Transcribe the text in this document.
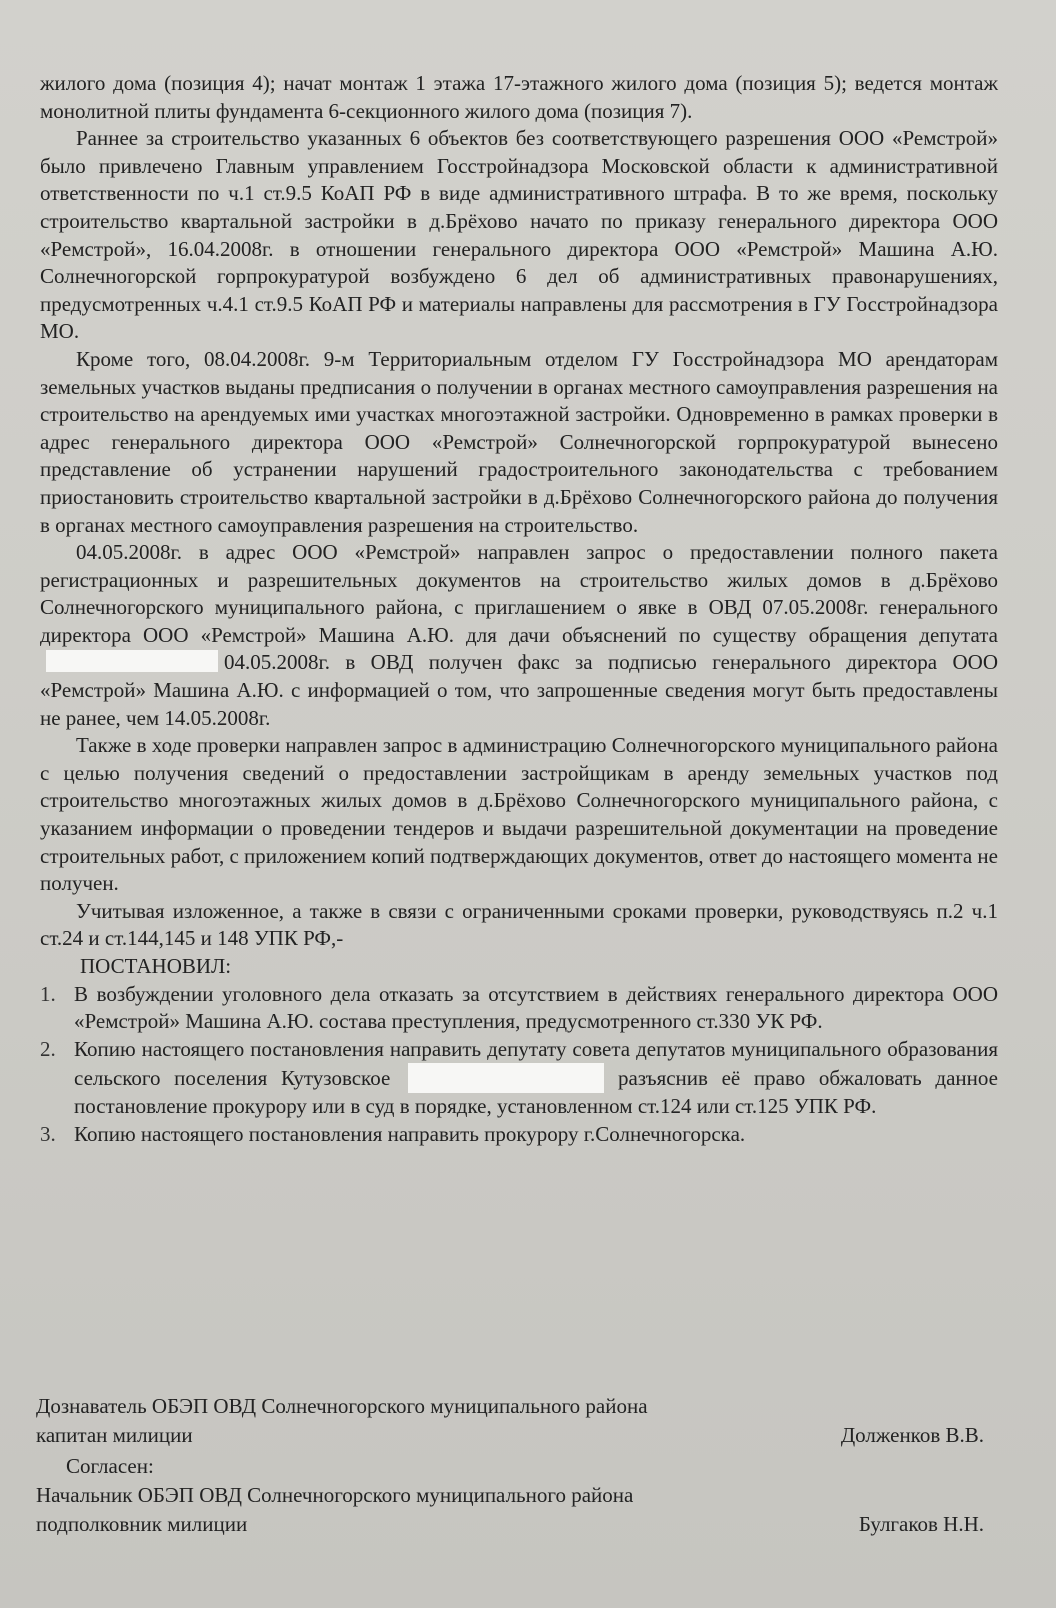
жилого дома (позиция 4); начат монтаж 1 этажа 17-этажного жилого дома (позиция 5); ведется монтаж монолитной плиты фундамента 6-секционного жилого дома (позиция 7).

Раннее за строительство указанных 6 объектов без соответствующего разрешения ООО «Ремстрой» было привлечено Главным управлением Госстройнадзора Московской области к административной ответственности по ч.1 ст.9.5 КоАП РФ в виде административного штрафа. В то же время, поскольку строительство квартальной застройки в д.Брёхово начато по приказу генерального директора ООО «Ремстрой», 16.04.2008г. в отношении генерального директора ООО «Ремстрой» Машина А.Ю. Солнечногорской горпрокуратурой возбуждено 6 дел об административных правонарушениях, предусмотренных ч.4.1 ст.9.5 КоАП РФ и материалы направлены для рассмотрения в ГУ Госстройнадзора МО.

Кроме того, 08.04.2008г. 9-м Территориальным отделом ГУ Госстройнадзора МО арендаторам земельных участков выданы предписания о получении в органах местного самоуправления разрешения на строительство на арендуемых ими участках многоэтажной застройки. Одновременно в рамках проверки в адрес генерального директора ООО «Ремстрой» Солнечногорской горпрокуратурой вынесено представление об устранении нарушений градостроительного законодательства с требованием приостановить строительство квартальной застройки в д.Брёхово Солнечногорского района до получения в органах местного самоуправления разрешения на строительство.

04.05.2008г. в адрес ООО «Ремстрой» направлен запрос о предоставлении полного пакета регистрационных и разрешительных документов на строительство жилых домов в д.Брёхово Солнечногорского муниципального района, с приглашением о явке в ОВД 07.05.2008г. генерального директора ООО «Ремстрой» Машина А.Ю. для дачи объяснений по существу обращения депутата04.05.2008г. в ОВД получен факс за подписью генерального директора ООО «Ремстрой» Машина А.Ю. с информацией о том, что запрошенные сведения могут быть предоставлены не ранее, чем 14.05.2008г.

Также в ходе проверки направлен запрос в администрацию Солнечногорского муниципального района с целью получения сведений о предоставлении застройщикам в аренду земельных участков под строительство многоэтажных жилых домов в д.Брёхово Солнечногорского муниципального района, с указанием информации о проведении тендеров и выдачи разрешительной документации на проведение строительных работ, с приложением копий подтверждающих документов, ответ до настоящего момента не получен.

Учитывая изложенное, а также в связи с ограниченными сроками проверки, руководствуясь п.2 ч.1 ст.24 и ст.144,145 и 148 УПК РФ,-

ПОСТАНОВИЛ:

1. В возбуждении уголовного дела отказать за отсутствием в действиях генерального директора ООО «Ремстрой» Машина А.Ю. состава преступления, предусмотренного ст.330 УК РФ.
2. Копию настоящего постановления направить депутату совета депутатов муниципального образования сельского поселения Кутузовское	разъяснив её право обжаловать данное постановление прокурору или в суд в порядке, установленном ст.124 или ст.125 УПК РФ.
3. Копию настоящего постановления направить прокурору г.Солнечногорска.
Дознаватель ОБЭП ОВД Солнечногорского муниципального района
капитан милиции	Долженков В.В.
Согласен:
Начальник ОБЭП ОВД Солнечногорского муниципального района
подполковник милиции	Булгаков Н.Н.
